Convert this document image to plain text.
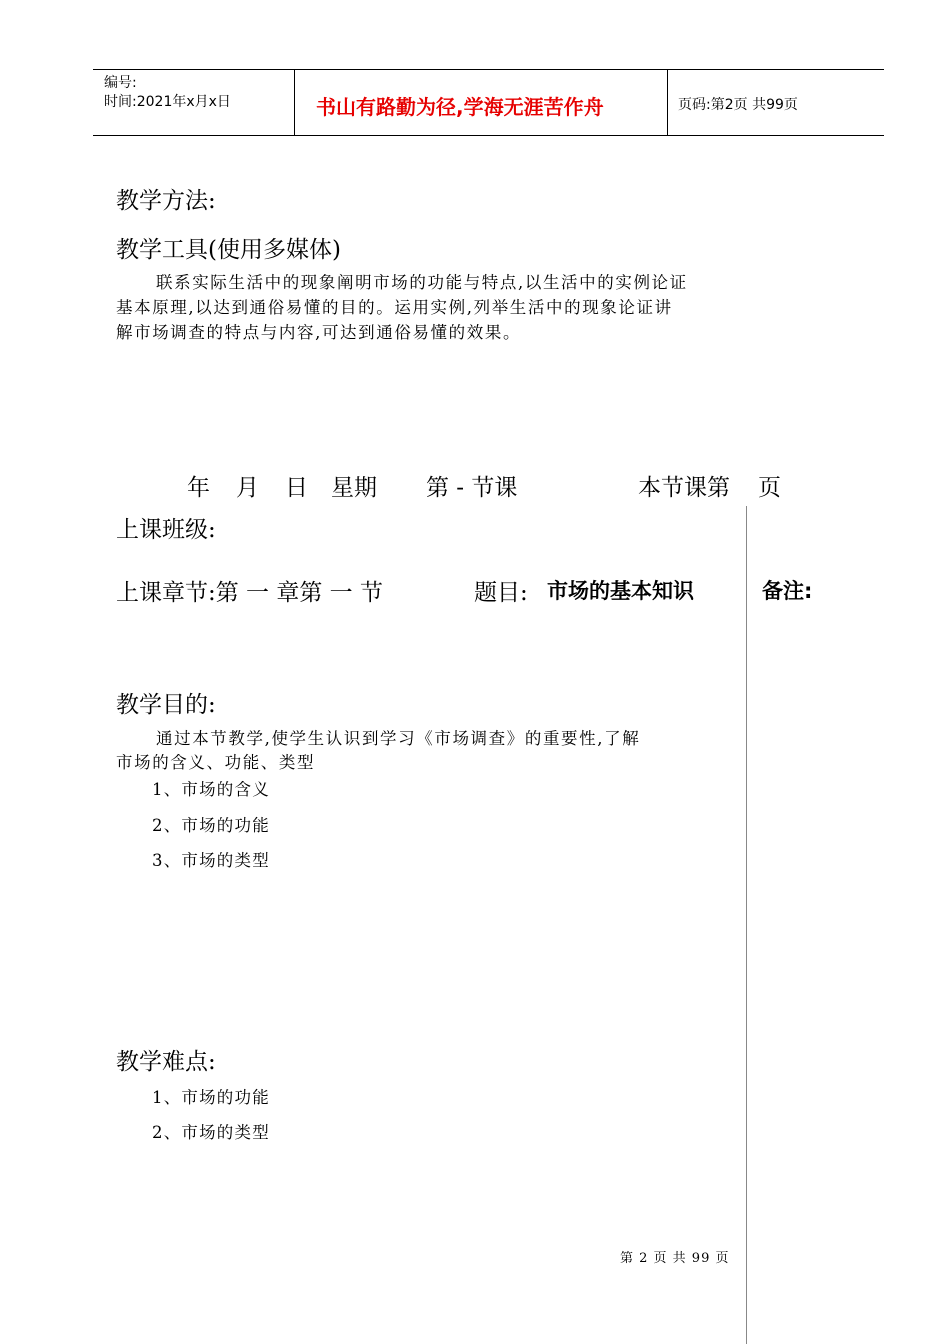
编号:
时间:2021年x月x日	书山有路勤为径,学海无涯苦作舟	页码:第2页 共99页
教学方法:
教学工具(使用多媒体)
联系实际生活中的现象阐明市场的功能与特点,以生活中的实例论证
基本原理,以达到通俗易懂的目的。运用实例,列举生活中的现象论证讲
解市场调查的特点与内容,可达到通俗易懂的效果。
年 月 日 星期 第 - 节课	本节课第 页
上课班级:
上课章节:第 一 章第 一 节	题目: 市场的基本知识	备注:
教学目的:
通过本节教学,使学生认识到学习《市场调查》的重要性,了解
市场的含义、功能、类型
1、市场的含义
2、市场的功能
3、市场的类型
教学难点:
1、市场的功能
2、市场的类型
第 2 页 共 99 页
